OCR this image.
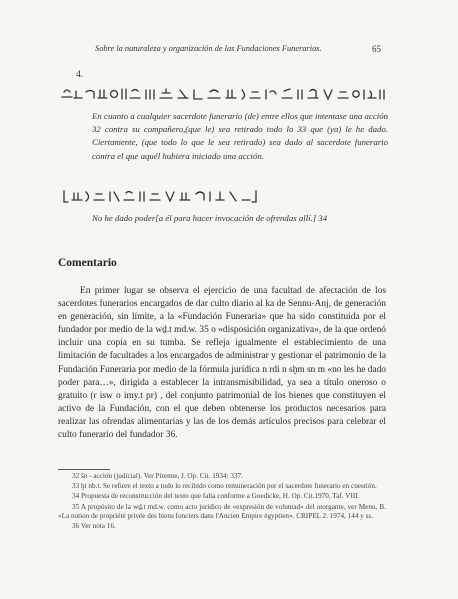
Sobre la naturaleza y organización de las Fundaciones Funerarias.	65
4.
En cuanto a cualquier sacerdote funerario (de) entre ellos que intentase una acción 32 contra su compañero,(que le) sea retirado todo lo 33 que (ya) le he dado. Ciertamente, (que todo lo que le sea retirado) sea dado al sacerdote funerario contra el que aquél hubiera iniciado una acción.
No he dado poder[a él para hacer invocación de ofrendas allí.] 34
Comentario

En primer lugar se observa el ejercicio de una facultad de afectación de los sacerdotes funerarios encargados de dar culto diario al ka de Sennu-Anj, de generación en generación, sin límite, a la «Fundación Funeraria» que ha sido constituida por el fundador por medio de la wḏ.t md.w. 35 o «disposición organizativa», de la que ordenó incluir una copia en su tumba. Se refleja igualmente el establecimiento de una limitación de facultades a los encargados de administrar y gestionar el patrimonio de la Fundación Funeraria por medio de la fórmula jurídica n rdi n sḫm sn m «no les he dado poder para…», dirigida a establecer la intransmisibilidad, ya sea a título oneroso o gratuito (r isw o imy.t pr) , del conjunto patrimonial de los bienes que constituyen el activo de la Fundación, con el que deben obtenerse los productos necesarios para realizar las ofrendas alimentarias y las de los demás artículos precisos para celebrar el culto funerario del fundador 36.

32 šn - acción (judicial). Ver Pirenne, J. Op. Cit. 1934: 337.

33 ḫt nb.t. Se refiere el texto a todo lo recibido como remuneración por el sacerdote funerario en cuestión.

34 Propuesta de reconstrucción del texto que falta conforme a Goedicke, H. Op. Cit.1970, Taf. VIII.

35 A propósito de la wḏ.t md.w. como acto jurídico de «expresión de voluntad» del otorgante, ver Menu, B. «La notion de propriété privée des biens fonciers dans l'Ancien Empire égyptien». CRIPEL 2. 1974, 144 y ss.

36 Ver nota 16.
